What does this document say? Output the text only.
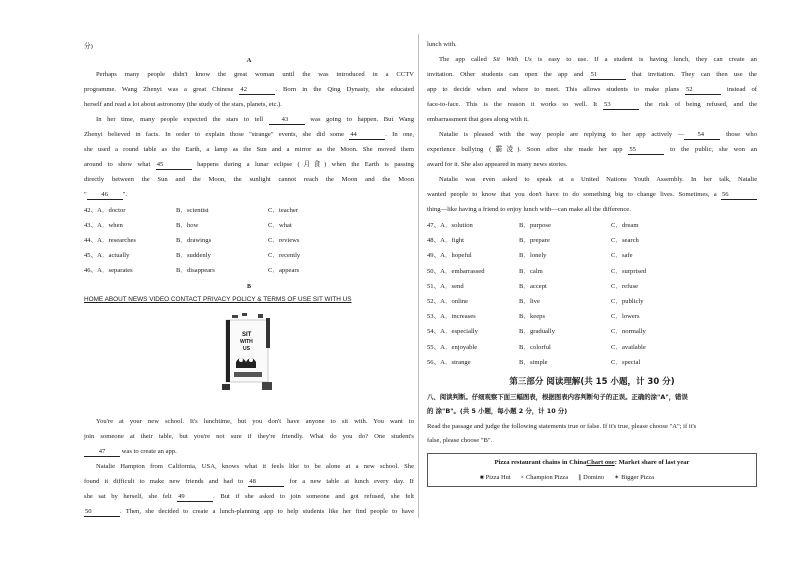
分)
A
Perhaps many people didn't know the great woman until the was introduced in a CCTV
programme. Wang Zhenyi was a great Chinese 42	. Born in the Qing Dynasty, she educated
herself and read a lot about astronomy (the study of the stars, planets, etc.).
In her time, many people expected the stars to tell 43 was going to happen. But Wang
Zhenyi believed in facts. In order to explain those "strange" events, she did some 44	. In one,
she used a round table as the Earth, a lamp as the Sun and a mirror as the Moon. She moved them
around to show what 45	happens during a lunar eclipse (月食) when the Earth is passing
directly between the Sun and the Moon, the sunlight cannot reach the Moon and the Moon
" 46 ".
42、A．doctor	B．scientist	C．teacher
43、A．when	B．how	C．what
44、A．researches	B．drawings	C．reviews
45、A．actually	B．suddenly	C．recently
46、A．separates	B．disappears	C．appears
B
HOME ABOUT NEWS VIDEO CONTACT PRIVACY POLICY & TERMS OF USE SIT WITH US
SIT
WITH
US
You're at your new school. It's lunchtime, but you don't have anyone to sit with. You want to
join someone at their table, but you're not sure if they're friendly. What do you do? One student's
47 was to create an app.
Natalie Hampton from California, USA, knows what it feels like to be alone at a new school. She
found it difficult to make new friends and had to 48	for a new table at lunch every day. If
she sat by herself, she felt 49	. But if she asked to join someone and got refused, she felt
50	. Then, she decided to create a lunch-planning app to help students like her find people to have
lunch with.
The app called Sit With Us is easy to use. If a student is having lunch, they can create an
invitation. Other students can open the app and 51	that invitation. They can then use the
app to decide when and where to meet. This allows students to make plans 52	instead of
face-to-face. This is the reason it works so well. It 53	the risk of being refused, and the
embarrassment that goes along with it.
Natalie is pleased with the way people are replying to her app actively — 54 those who
experience bullying (霸凌). Soon after she made her app 55	to the public, she won an
award for it. She also appeared in many news stories.
Natalie was even asked to speak at a United Nations Youth Assembly. In her talk, Natalie
wanted people to know that you don't have to do something big to change lives. Sometimes, a 56
thing—like having a friend to enjoy lunch with—can make all the difference.
47、A．solution	B．purpose	C．dream
48、A．fight	B．prepare	C．search
49、A．hopeful	B．lonely	C．safe
50、A．embarrassed	B．calm	C．surprised
51、A．send	B．accept	C．refuse
52、A．online	B．live	C．publicly
53、A．increases	B．keeps	C．lowers
54、A．especially	B．gradually	C．normally
55、A．enjoyable	B．colorful	C．available
56、A．strange	B．simple	C．special
第三部分 阅读理解(共 15 小题，计 30 分)
八、阅读判断。仔细观察下面三幅图表，根据图表内容判断句子的正误。正确的涂"A"，错误
的 涂"B"。(共 5 小题，每小题 2 分，计 10 分)
Read the passage and judge the following statements true or false. If it's true, please choose "A"; if it's
false, please choose "B".
Pizza restaurant chains in ChinaChart one: Market share of last year
■ Pizza Hut × Champion Pizza ∥ Domino ✶ Bigger Pizza
